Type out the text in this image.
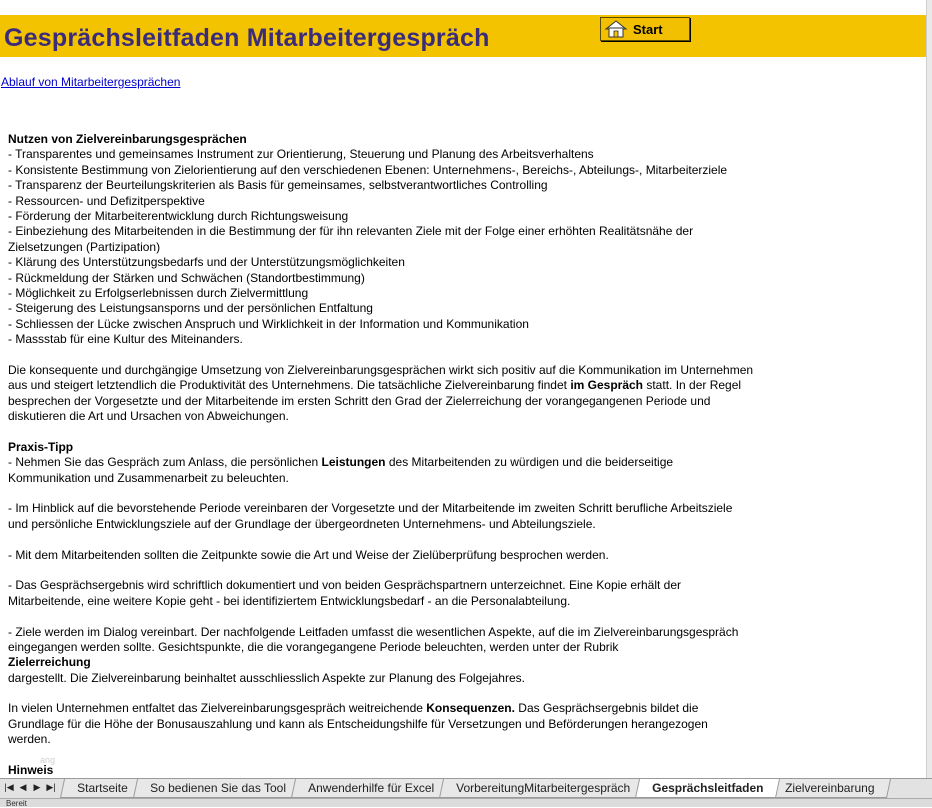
Gesprächsleitfaden Mitarbeitergespräch	Start
Ablauf von Mitarbeitergesprächen
Nutzen von Zielvereinbarungsgesprächen
- Transparentes und gemeinsames Instrument zur Orientierung, Steuerung und Planung des Arbeitsverhaltens
- Konsistente Bestimmung von Zielorientierung auf den verschiedenen Ebenen: Unternehmens-, Bereichs-, Abteilungs-, Mitarbeiterziele
- Transparenz der Beurteilungskriterien als Basis für gemeinsames, selbstverantwortliches Controlling
- Ressourcen- und Defizitperspektive
- Förderung der Mitarbeiterentwicklung durch Richtungsweisung
- Einbeziehung des Mitarbeitenden in die Bestimmung der für ihn relevanten Ziele mit der Folge einer erhöhten Realitätsnähe der
Zielsetzungen (Partizipation)
- Klärung des Unterstützungsbedarfs und der Unterstützungsmöglichkeiten
- Rückmeldung der Stärken und Schwächen (Standortbestimmung)
- Möglichkeit zu Erfolgserlebnissen durch Zielvermittlung
- Steigerung des Leistungsansporns und der persönlichen Entfaltung
- Schliessen der Lücke zwischen Anspruch und Wirklichkeit in der Information und Kommunikation
- Massstab für eine Kultur des Miteinanders.
Die konsequente und durchgängige Umsetzung von Zielvereinbarungsgesprächen wirkt sich positiv auf die Kommunikation im Unternehmen
aus und steigert letztendlich die Produktivität des Unternehmens. Die tatsächliche Zielvereinbarung findet im Gespräch statt. In der Regel
besprechen der Vorgesetzte und der Mitarbeitende im ersten Schritt den Grad der Zielerreichung der vorangegangenen Periode und
diskutieren die Art und Ursachen von Abweichungen.
Praxis-Tipp
- Nehmen Sie das Gespräch zum Anlass, die persönlichen Leistungen des Mitarbeitenden zu würdigen und die beiderseitige
Kommunikation und Zusammenarbeit zu beleuchten.
- Im Hinblick auf die bevorstehende Periode vereinbaren der Vorgesetzte und der Mitarbeitende im zweiten Schritt berufliche Arbeitsziele
und persönliche Entwicklungsziele auf der Grundlage der übergeordneten Unternehmens- und Abteilungsziele.
- Mit dem Mitarbeitenden sollten die Zeitpunkte sowie die Art und Weise der Zielüberprüfung besprochen werden.
- Das Gesprächsergebnis wird schriftlich dokumentiert und von beiden Gesprächspartnern unterzeichnet. Eine Kopie erhält der
Mitarbeitende, eine weitere Kopie geht - bei identifiziertem Entwicklungsbedarf - an die Personalabteilung.
- Ziele werden im Dialog vereinbart. Der nachfolgende Leitfaden umfasst die wesentlichen Aspekte, auf die im Zielvereinbarungsgespräch
eingegangen werden sollte. Gesichtspunkte, die die vorangegangene Periode beleuchten, werden unter der Rubrik
Zielerreichung
dargestellt. Die Zielvereinbarung beinhaltet ausschliesslich Aspekte zur Planung des Folgejahres.
In vielen Unternehmen entfaltet das Zielvereinbarungsgespräch weitreichende Konsequenzen. Das Gesprächsergebnis bildet die
Grundlage für die Höhe der Bonusauszahlung und kann als Entscheidungshilfe für Versetzungen und Beförderungen herangezogen
werden.
Hinweis
ang
|◀ ◀ ▶ ▶|	Startseite	So bedienen Sie das Tool	Anwenderhilfe für Excel	VorbereitungMitarbeitergespräch	Gesprächsleitfaden	Zielvereinbarung
Bereit
